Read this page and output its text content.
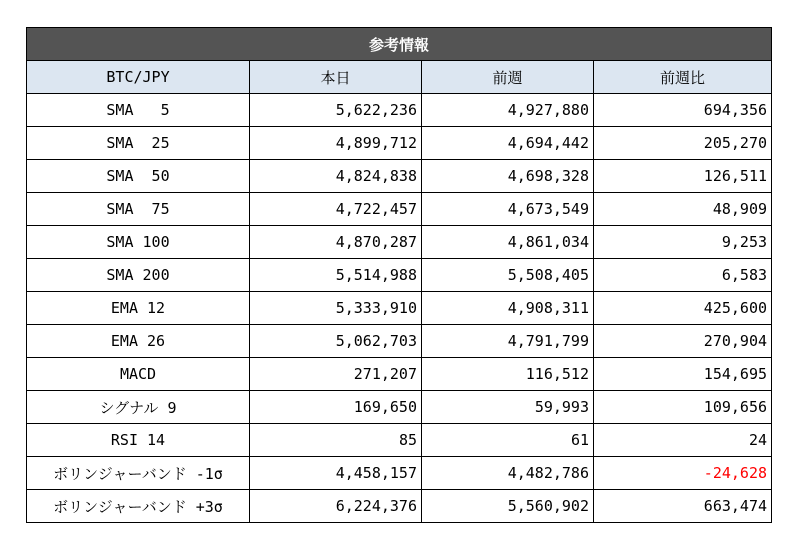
参考情報			
BTC/JPY	本日	前週	前週比
SMA   5	5,622,236	4,927,880	694,356
SMA  25	4,899,712	4,694,442	205,270
SMA  50	4,824,838	4,698,328	126,511
SMA  75	4,722,457	4,673,549	48,909
SMA 100	4,870,287	4,861,034	9,253
SMA 200	5,514,988	5,508,405	6,583
EMA 12	5,333,910	4,908,311	425,600
EMA 26	5,062,703	4,791,799	270,904
MACD	271,207	116,512	154,695
シグナル 9	169,650	59,993	109,656
RSI 14	85	61	24
ボリンジャーバンド -1σ	4,458,157	4,482,786	-24,628
ボリンジャーバンド +3σ	6,224,376	5,560,902	663,474
